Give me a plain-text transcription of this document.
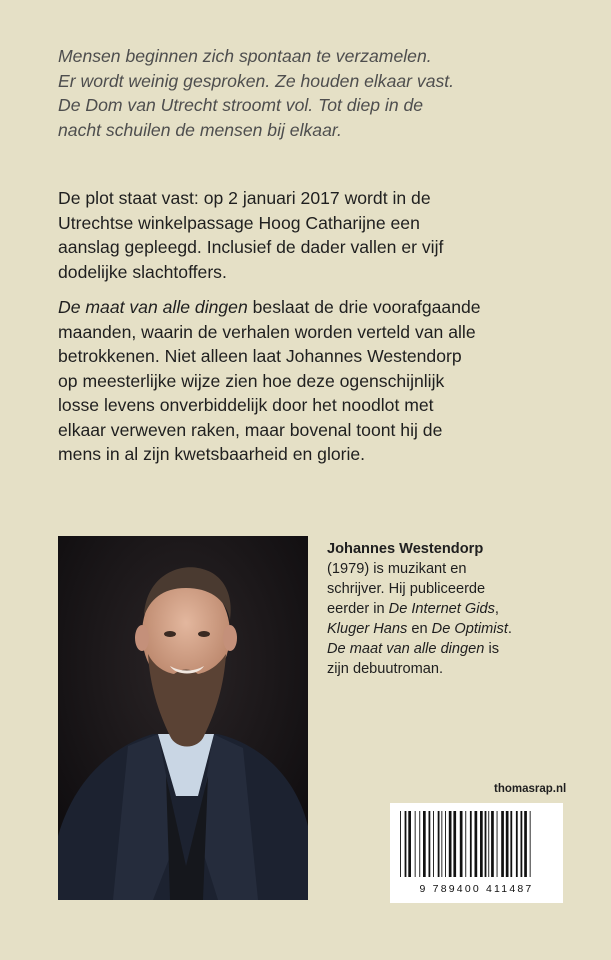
Mensen beginnen zich spontaan te verzamelen.
Er wordt weinig gesproken. Ze houden elkaar vast.
De Dom van Utrecht stroomt vol. Tot diep in de
nacht schuilen de mensen bij elkaar.
De plot staat vast: op 2 januari 2017 wordt in de
Utrechtse winkelpassage Hoog Catharijne een
aanslag gepleegd. Inclusief de dader vallen er vijf
dodelijke slachtoffers.
De maat van alle dingen beslaat de drie voorafgaande
maanden, waarin de verhalen worden verteld van alle
betrokkenen. Niet alleen laat Johannes Westendorp
op meesterlijke wijze zien hoe deze ogenschijnlijk
losse levens onverbiddelijk door het noodlot met
elkaar verweven raken, maar bovenal toont hij de
mens in al zijn kwetsbaarheid en glorie.
Johannes Westendorp
(1979) is muzikant en
schrijver. Hij publiceerde
eerder in De Internet Gids,
Kluger Hans en De Optimist.
De maat van alle dingen is
zijn debuutroman.
thomasrap.nl
9 789400 411487
